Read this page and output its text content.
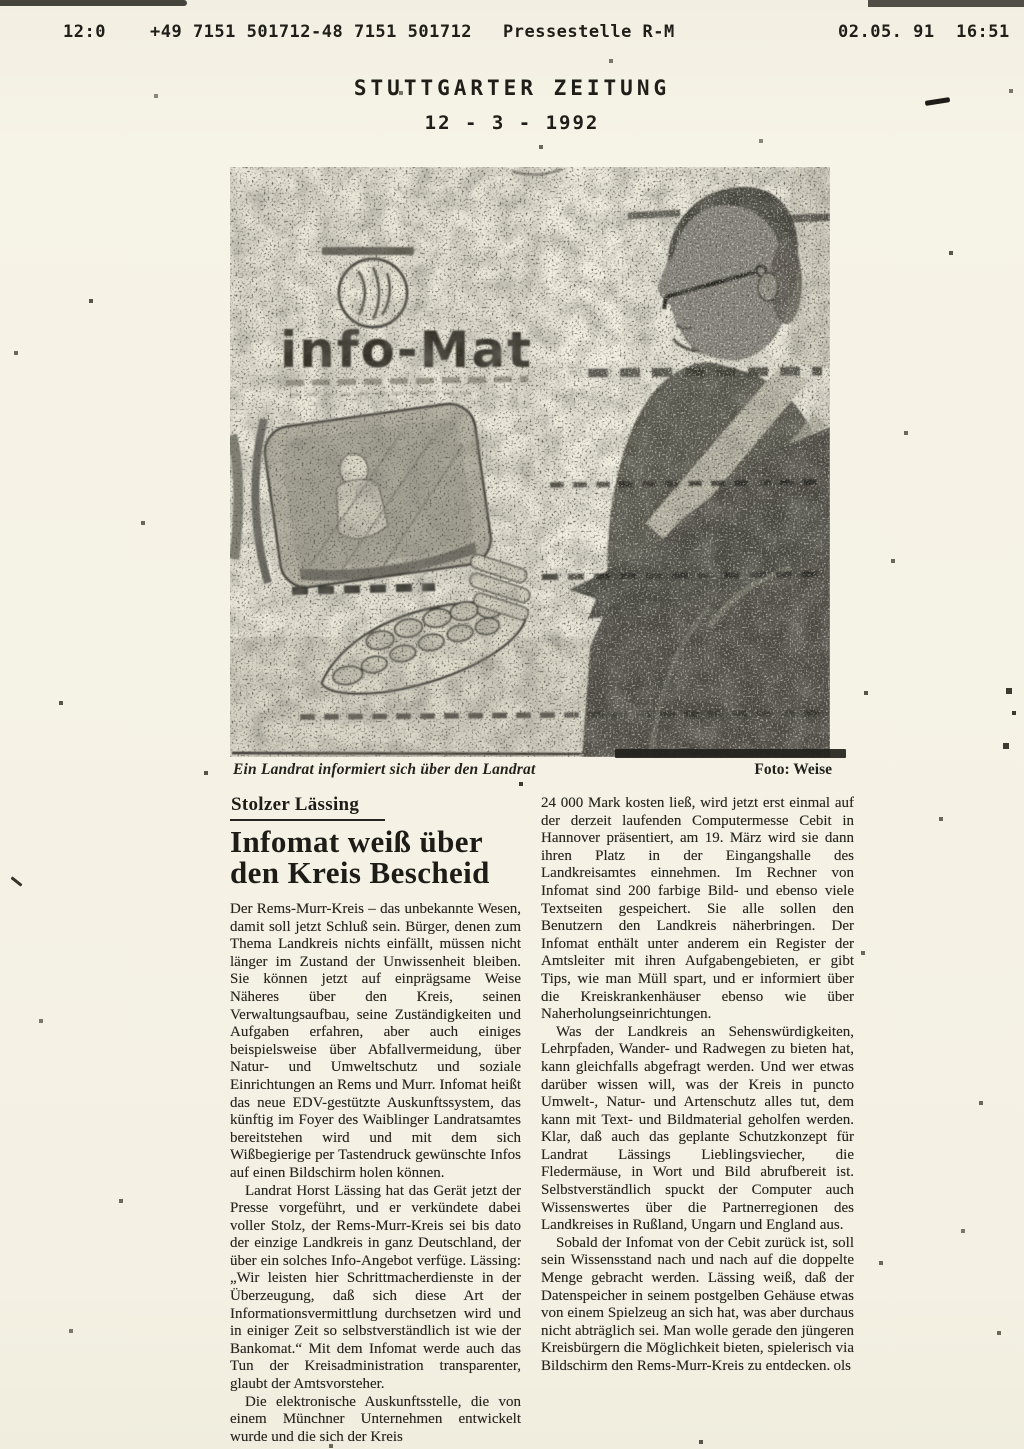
12:0	+49 7151 501712-48 7151 501712 Pressestelle R-M	02.05. 91  16:51
STUTTGARTER ZEITUNG
12 - 3 - 1992
Ein Landrat informiert sich über den Landrat	Foto: Weise
Stolzer Lässing
Infomat weiß über
den Kreis Bescheid

Der Rems-Murr-Kreis – das unbekannte Wesen, damit soll jetzt Schluß sein. Bürger, denen zum Thema Landkreis nichts einfällt, müssen nicht länger im Zustand der Unwissenheit bleiben. Sie können jetzt auf einprägsame Weise Näheres über den Kreis, seinen Verwaltungsaufbau, seine Zuständigkeiten und Aufgaben erfahren, aber auch einiges beispielsweise über Abfallvermeidung, über Natur- und Umweltschutz und soziale Einrichtungen an Rems und Murr. Infomat heißt das neue EDV-gestützte Auskunftssystem, das künftig im Foyer des Waiblinger Landratsamtes bereitstehen wird und mit dem sich Wißbegierige per Tastendruck gewünschte Infos auf einen Bildschirm holen können.

Landrat Horst Lässing hat das Gerät jetzt der Presse vorgeführt, und er verkündete dabei voller Stolz, der Rems-Murr-Kreis sei bis dato der einzige Landkreis in ganz Deutschland, der über ein solches Info-Angebot verfüge. Lässing: „Wir leisten hier Schrittmacherdienste in der Überzeugung, daß sich diese Art der Informationsvermittlung durchsetzen wird und in einiger Zeit so selbstverständlich ist wie der Bankomat.“ Mit dem Infomat werde auch das Tun der Kreisadministration transparenter, glaubt der Amtsvorsteher.

Die elektronische Auskunftsstelle, die von einem Münchner Unternehmen entwickelt wurde und die sich der Kreis

24 000 Mark kosten ließ, wird jetzt erst einmal auf der derzeit laufenden Computermesse Cebit in Hannover präsentiert, am 19. März wird sie dann ihren Platz in der Eingangshalle des Landkreisamtes einnehmen. Im Rechner von Infomat sind 200 farbige Bild- und ebenso viele Textseiten gespeichert. Sie alle sollen den Benutzern den Landkreis näherbringen. Der Infomat enthält unter anderem ein Register der Amtsleiter mit ihren Aufgabengebieten, er gibt Tips, wie man Müll spart, und er informiert über die Kreiskrankenhäuser ebenso wie über Naherholungseinrichtungen.

Was der Landkreis an Sehenswürdigkeiten, Lehrpfaden, Wander- und Radwegen zu bieten hat, kann gleichfalls abgefragt werden. Und wer etwas darüber wissen will, was der Kreis in puncto Umwelt-, Natur- und Artenschutz alles tut, dem kann mit Text- und Bildmaterial geholfen werden. Klar, daß auch das geplante Schutzkonzept für Landrat Lässings Lieblingsviecher, die Fledermäuse, in Wort und Bild abrufbereit ist. Selbstverständlich spuckt der Computer auch Wissenswertes über die Partnerregionen des Landkreises in Rußland, Ungarn und England aus.

Sobald der Infomat von der Cebit zurück ist, soll sein Wissensstand nach und nach auf die doppelte Menge gebracht werden. Lässing weiß, daß der Datenspeicher in seinem postgelben Gehäuse etwas von einem Spielzeug an sich hat, was aber durchaus nicht abträglich sei. Man wolle gerade den jüngeren Kreisbürgern die Möglichkeit bieten, spielerisch via Bildschirm den Rems-Murr-Kreis zu entdecken. ols
